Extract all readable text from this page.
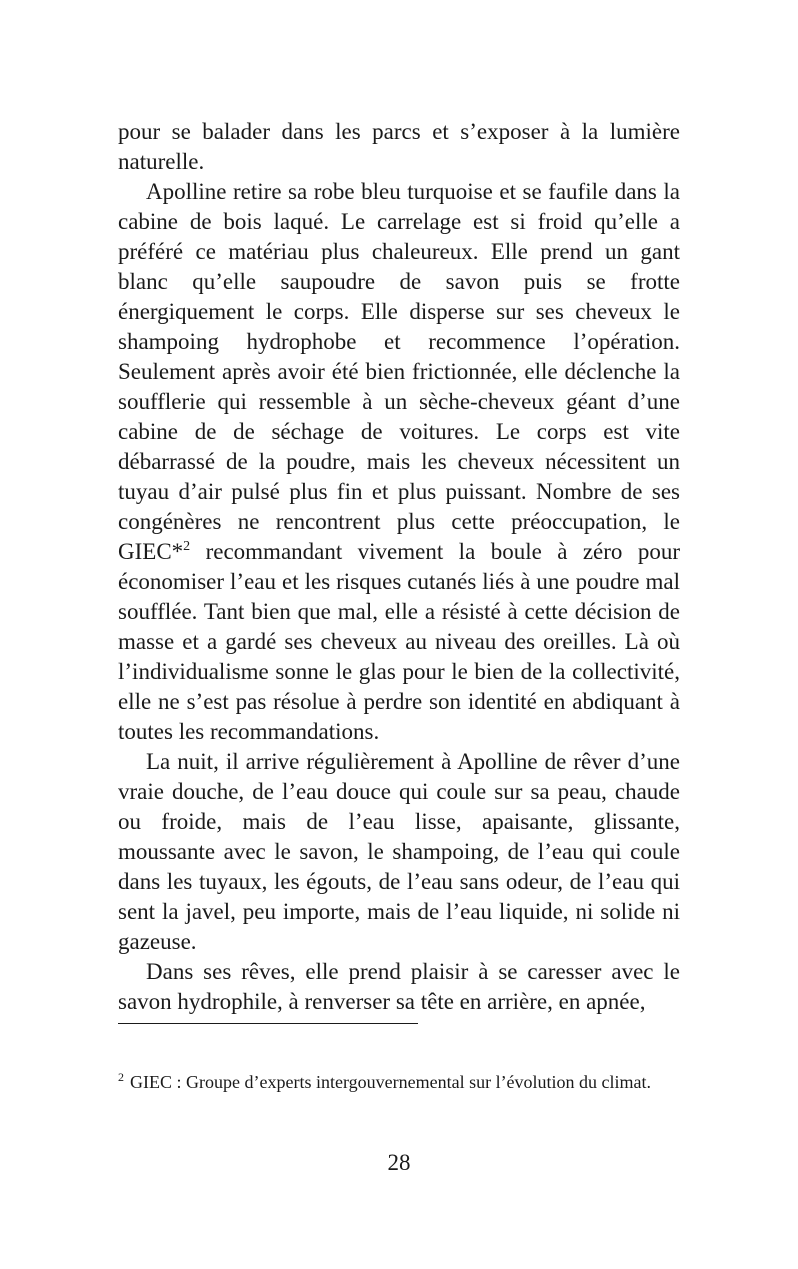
pour se balader dans les parcs et s’exposer à la lumière naturelle.

Apolline retire sa robe bleu turquoise et se faufile dans la cabine de bois laqué. Le carrelage est si froid qu’elle a préféré ce matériau plus chaleureux. Elle prend un gant blanc qu’elle saupoudre de savon puis se frotte énergiquement le corps. Elle disperse sur ses cheveux le shampoing hydrophobe et recommence l’opération. Seulement après avoir été bien frictionnée, elle déclenche la soufflerie qui ressemble à un sèche-cheveux géant d’une cabine de de séchage de voitures. Le corps est vite débarrassé de la poudre, mais les cheveux nécessitent un tuyau d’air pulsé plus fin et plus puissant. Nombre de ses congénères ne rencontrent plus cette préoccupation, le GIEC*$^2$ recommandant vivement la boule à zéro pour économiser l’eau et les risques cutanés liés à une poudre mal soufflée. Tant bien que mal, elle a résisté à cette décision de masse et a gardé ses cheveux au niveau des oreilles. Là où l’individualisme sonne le glas pour le bien de la collectivité, elle ne s’est pas résolue à perdre son identité en abdiquant à toutes les recommandations.

La nuit, il arrive régulièrement à Apolline de rêver d’une vraie douche, de l’eau douce qui coule sur sa peau, chaude ou froide, mais de l’eau lisse, apaisante, glissante, moussante avec le savon, le shampoing, de l’eau qui coule dans les tuyaux, les égouts, de l’eau sans odeur, de l’eau qui sent la javel, peu importe, mais de l’eau liquide, ni solide ni gazeuse.

Dans ses rêves, elle prend plaisir à se caresser avec le savon hydrophile, à renverser sa tête en arrière, en apnée,

$^2$ GIEC : Groupe d’experts intergouvernemental sur l’évolution du climat.
28
